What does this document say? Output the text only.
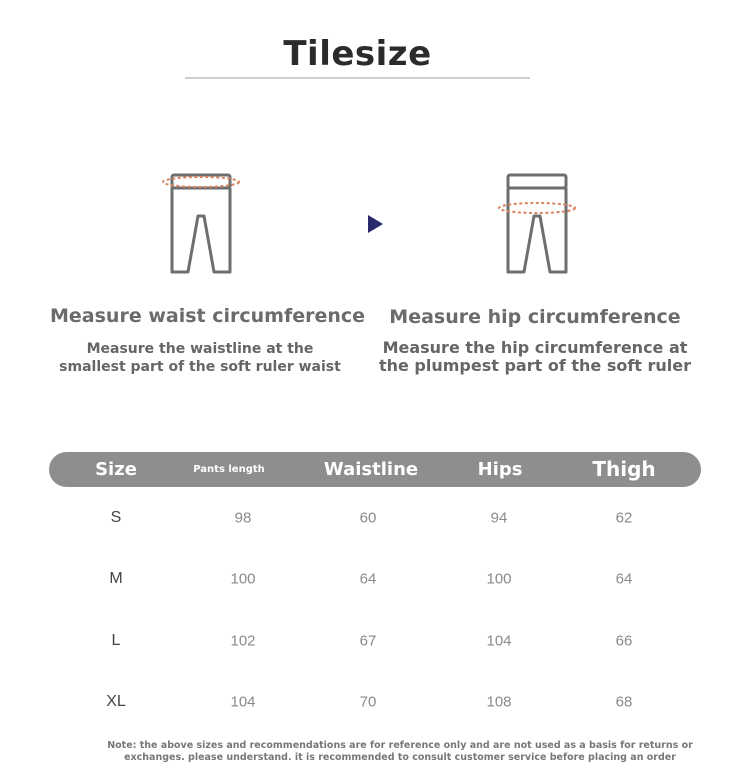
Tilesize
Measure waist circumference
Measure the waistline at the
smallest part of the soft ruler waist
Measure hip circumference
Measure the hip circumference at
the plumpest part of the soft ruler
Size	Pants length	Waistline	Hips	Thigh
S	98	60	94	62
M	100	64	100	64
L	102	67	104	66
XL	104	70	108	68
Note: the above sizes and recommendations are for reference only and are not used as a basis for returns or
exchanges. please understand. it is recommended to consult customer service before placing an order
